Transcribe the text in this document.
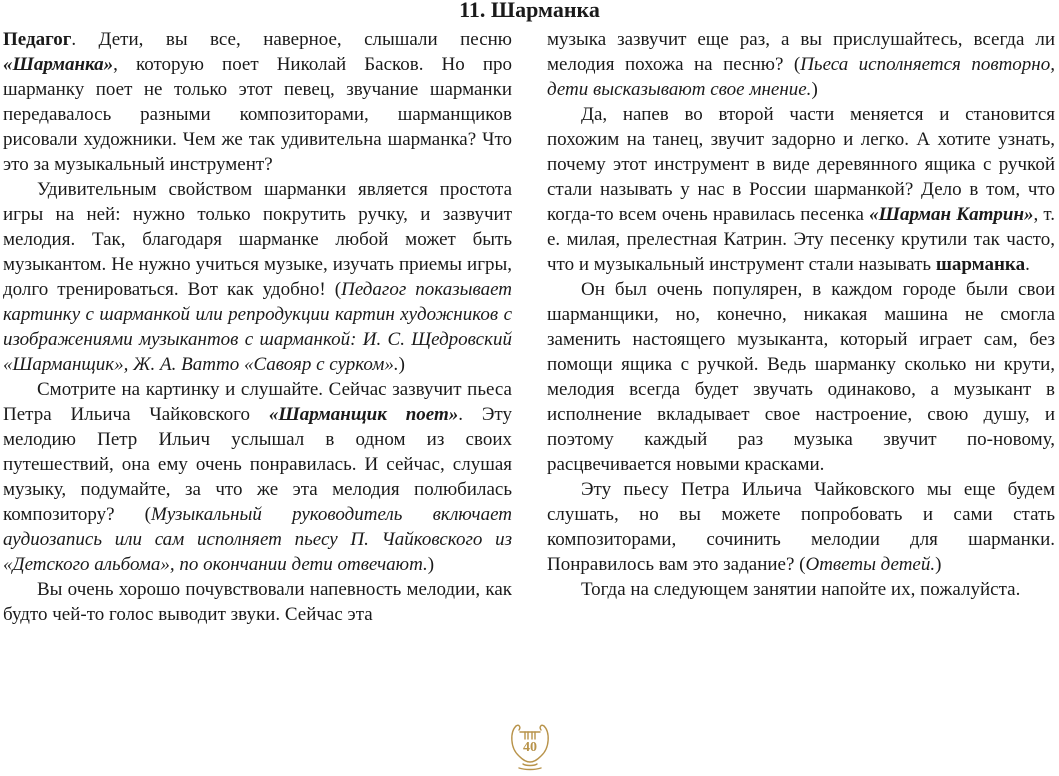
11. Шарманка

Педагог. Дети, вы все, наверное, слышали песню «Шарманка», которую поет Николай Басков. Но про шарманку поет не только этот певец, звучание шарманки передавалось разными композиторами, шарманщиков рисовали художники. Чем же так удивительна шарманка? Что это за музыкальный инструмент?

Удивительным свойством шарманки является простота игры на ней: нужно только покрутить ручку, и зазвучит мелодия. Так, благодаря шарманке любой может быть музыкантом. Не нужно учиться музыке, изучать приемы игры, долго тренироваться. Вот как удобно! (Педагог показывает картинку с шарманкой или репродукции картин художников с изображениями музыкантов с шарманкой: И. С. Щедровский «Шарманщик», Ж. А. Ватто «Савояр с сурком».)

Смотрите на картинку и слушайте. Сейчас зазвучит пьеса Петра Ильича Чайковского «Шарманщик поет». Эту мелодию Петр Ильич услышал в одном из своих путешествий, она ему очень понравилась. И сейчас, слушая музыку, подумайте, за что же эта мелодия полюбилась композитору? (Музыкальный руководитель включает аудиозапись или сам исполняет пьесу П. Чайковского из «Детского альбома», по окончании дети отвечают.)

Вы очень хорошо почувствовали напевность мелодии, как будто чей-то голос выводит звуки. Сейчас эта

музыка зазвучит еще раз, а вы прислушайтесь, всегда ли мелодия похожа на песню? (Пьеса исполняется повторно, дети высказывают свое мнение.)

Да, напев во второй части меняется и становится похожим на танец, звучит задорно и легко. А хотите узнать, почему этот инструмент в виде деревянного ящика с ручкой стали называть у нас в России шарманкой? Дело в том, что когда-то всем очень нравилась песенка «Шарман Катрин», т. е. милая, прелестная Катрин. Эту песенку крутили так часто, что и музыкальный инструмент стали называть шарманка.

Он был очень популярен, в каждом городе были свои шарманщики, но, конечно, никакая машина не смогла заменить настоящего музыканта, который играет сам, без помощи ящика с ручкой. Ведь шарманку сколько ни крути, мелодия всегда будет звучать одинаково, а музыкант в исполнение вкладывает свое настроение, свою душу, и поэтому каждый раз музыка звучит по-новому, расцвечивается новыми красками.

Эту пьесу Петра Ильича Чайковского мы еще будем слушать, но вы можете попробовать и сами стать композиторами, сочинить мелодии для шарманки. Понравилось вам это задание? (Ответы детей.)

Тогда на следующем занятии напойте их, пожалуйста.

40
